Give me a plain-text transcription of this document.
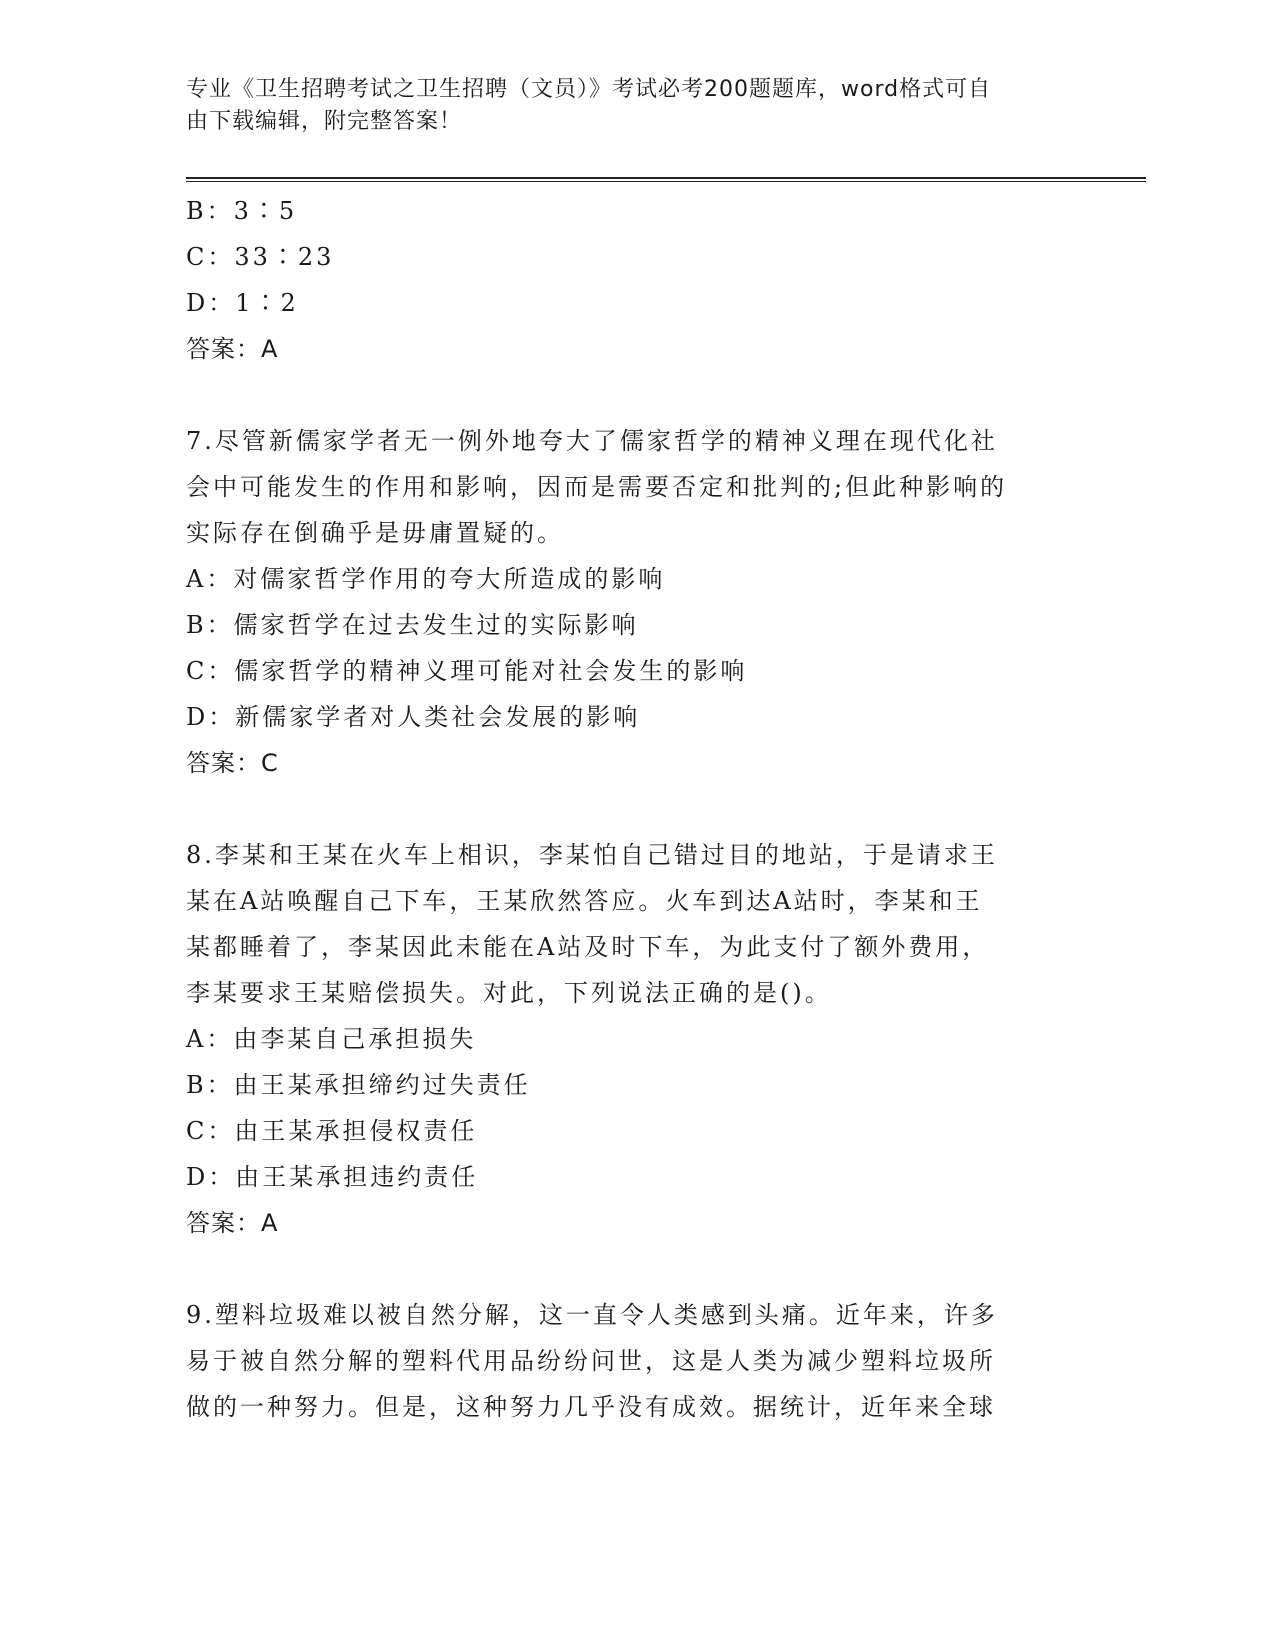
专业《卫生招聘考试之卫生招聘（文员）》考试必考200题题库，word格式可自
由下载编辑，附完整答案！
B：3∶5
C：33∶23
D：1∶2
答案：A
7.尽管新儒家学者无一例外地夸大了儒家哲学的精神义理在现代化社
会中可能发生的作用和影响，因而是需要否定和批判的;但此种影响的
实际存在倒确乎是毋庸置疑的。
A：对儒家哲学作用的夸大所造成的影响
B：儒家哲学在过去发生过的实际影响
C：儒家哲学的精神义理可能对社会发生的影响
D：新儒家学者对人类社会发展的影响
答案：C
8.李某和王某在火车上相识，李某怕自己错过目的地站，于是请求王
某在A站唤醒自己下车，王某欣然答应。火车到达A站时，李某和王
某都睡着了，李某因此未能在A站及时下车，为此支付了额外费用，
李某要求王某赔偿损失。对此，下列说法正确的是()。
A：由李某自己承担损失
B：由王某承担缔约过失责任
C：由王某承担侵权责任
D：由王某承担违约责任
答案：A
9.塑料垃圾难以被自然分解，这一直令人类感到头痛。近年来，许多
易于被自然分解的塑料代用品纷纷问世，这是人类为减少塑料垃圾所
做的一种努力。但是，这种努力几乎没有成效。据统计，近年来全球
